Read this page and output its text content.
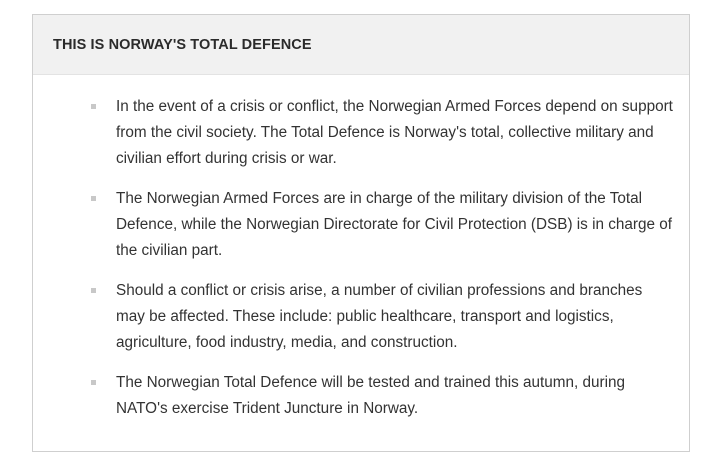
THIS IS NORWAY'S TOTAL DEFENCE
In the event of a crisis or conflict, the Norwegian Armed Forces depend on support from the civil society. The Total Defence is Norway's total, collective military and civilian effort during crisis or war.
The Norwegian Armed Forces are in charge of the military division of the Total Defence, while the Norwegian Directorate for Civil Protection (DSB) is in charge of the civilian part.
Should a conflict or crisis arise, a number of civilian professions and branches may be affected. These include: public healthcare, transport and logistics, agriculture, food industry, media, and construction.
The Norwegian Total Defence will be tested and trained this autumn, during NATO's exercise Trident Juncture in Norway.
